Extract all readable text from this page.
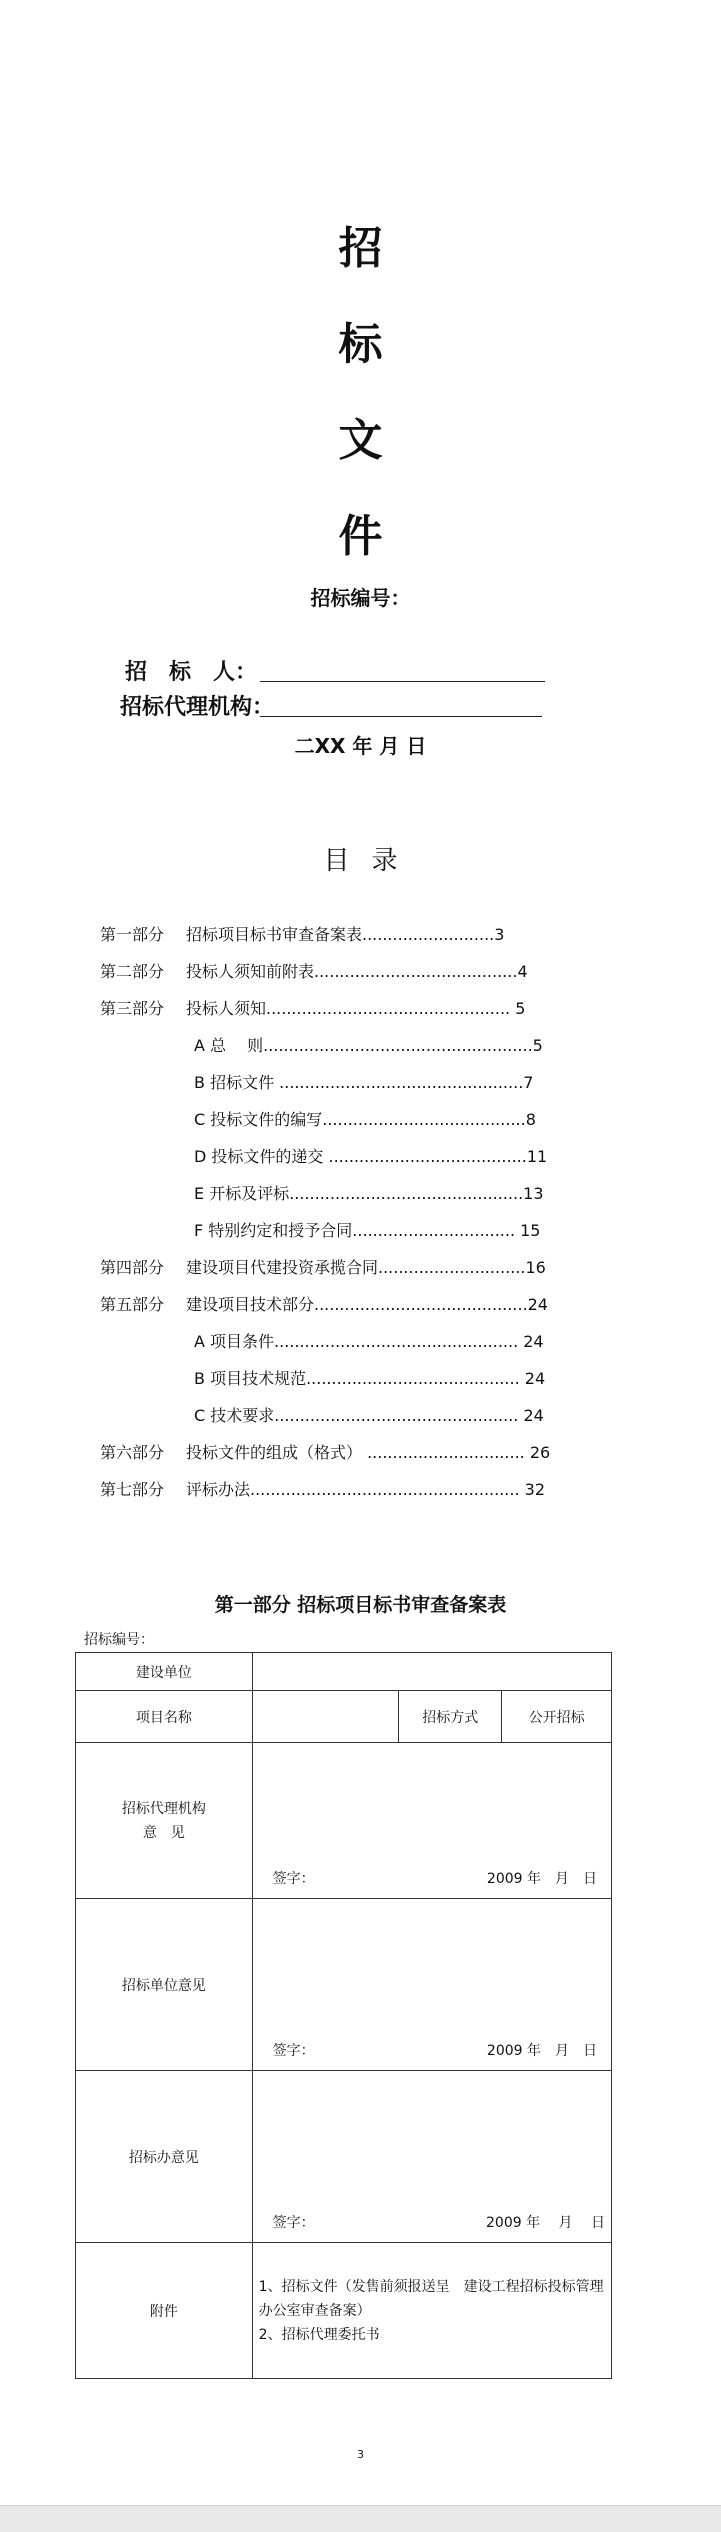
招
标
文
件
招标编号：
招　标　人：
招标代理机构：
二XX 年 月 日
目录
第一部分 招标项目标书审查备案表..........................3
第二部分 投标人须知前附表........................................4
第三部分 投标人须知................................................ 5
A 总　 则.....................................................5
B 招标文件 ................................................7
C 投标文件的编写........................................8
D 投标文件的递交 .......................................11
E 开标及评标..............................................13
F 特别约定和授予合同................................ 15
第四部分 建设项目代建投资承揽合同.............................16
第五部分 建设项目技术部分..........................................24
A 项目条件................................................ 24
B 项目技术规范.......................................... 24
C 技术要求................................................ 24
第六部分 投标文件的组成（格式） ............................... 26
第七部分 评标办法..................................................... 32
第一部分 招标项目标书审查备案表
招标编号：
建设单位			
项目名称		招标方式	公开招标
招标代理机构
意　见	签字： 2009 年　月　日		

招标单位意见	签字： 2009 年　月　日		

招标办意见	签字： 2009 年　 月　 日		

附件	1、招标文件（发售前须报送呈　建设工程招标投标管理办公室审查备案）
2、招标代理委托书		
3
